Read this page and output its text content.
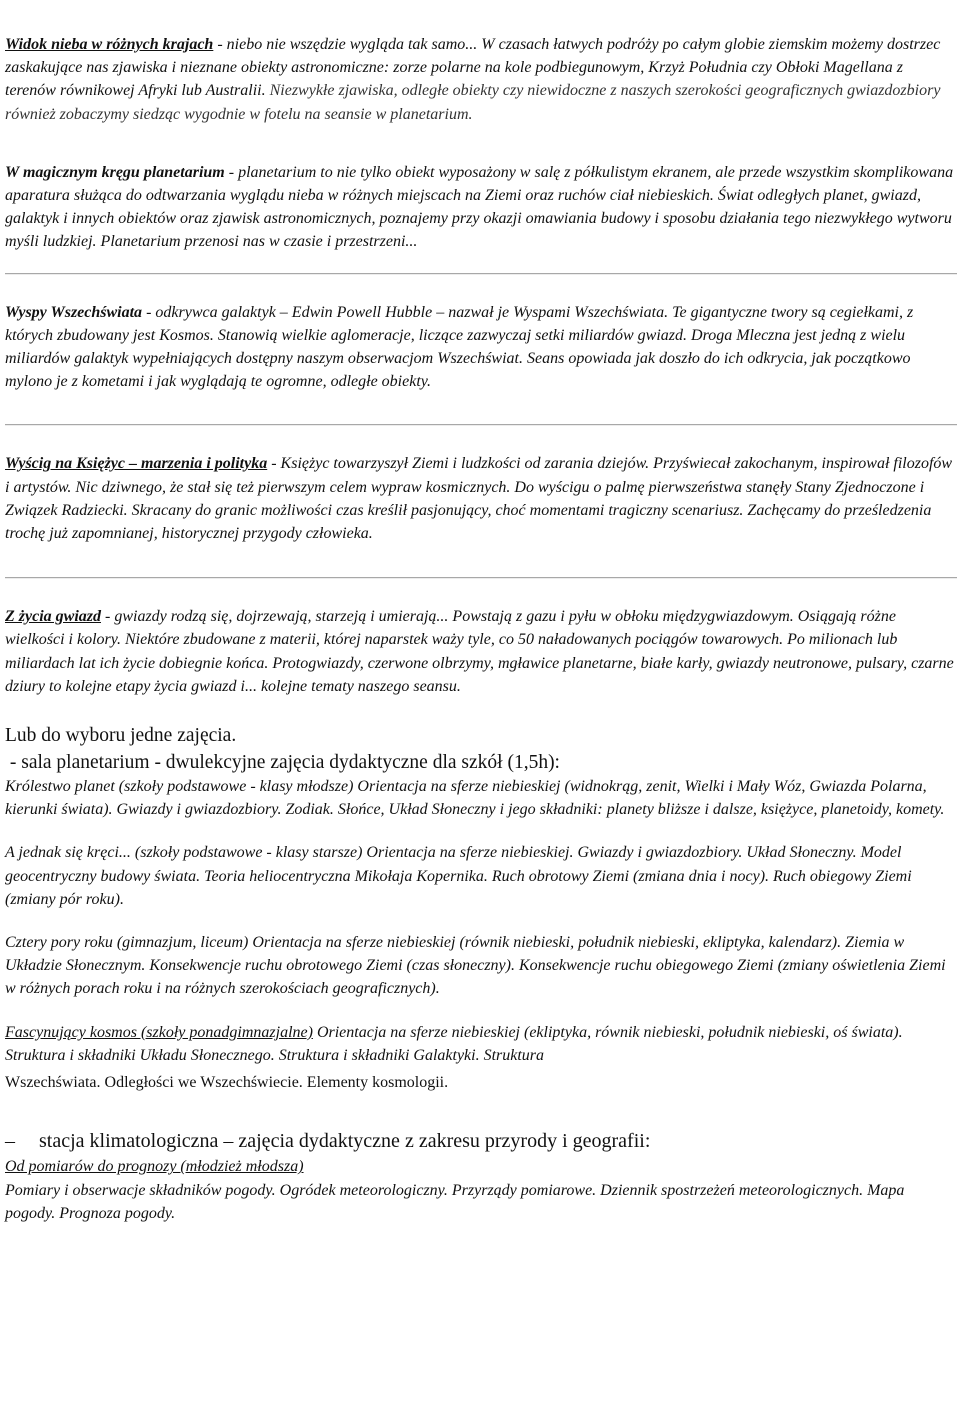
Widok nieba w różnych krajach - niebo nie wszędzie wygląda tak samo... W czasach łatwych podróży po całym globie ziemskim możemy dostrzec zaskakujące nas zjawiska i nieznane obiekty astronomiczne: zorze polarne na kole podbiegunowym, Krzyż Południa czy Obłoki Magellana z terenów równikowej Afryki lub Australii. Niezwykłe zjawiska, odległe obiekty czy niewidoczne z naszych szerokości geograficznych gwiazdozbiory również zobaczymy siedząc wygodnie w fotelu na seansie w planetarium.

W magicznym kręgu planetarium - planetarium to nie tylko obiekt wyposażony w salę z półkulistym ekranem, ale przede wszystkim skomplikowana aparatura służąca do odtwarzania wyglądu nieba w różnych miejscach na Ziemi oraz ruchów ciał niebieskich. Świat odległych planet, gwiazd, galaktyk i innych obiektów oraz zjawisk astronomicznych, poznajemy przy okazji omawiania budowy i sposobu działania tego niezwykłego wytworu myśli ludzkiej. Planetarium przenosi nas w czasie i przestrzeni...

Wyspy Wszechświata - odkrywca galaktyk – Edwin Powell Hubble – nazwał je Wyspami Wszechświata. Te gigantyczne twory są cegiełkami, z których zbudowany jest Kosmos. Stanowią wielkie aglomeracje, liczące zazwyczaj setki miliardów gwiazd. Droga Mleczna jest jedną z wielu miliardów galaktyk wypełniających dostępny naszym obserwacjom Wszechświat. Seans opowiada jak doszło do ich odkrycia, jak początkowo mylono je z kometami i jak wyglądają te ogromne, odległe obiekty.

Wyścig na Księżyc – marzenia i polityka - Księżyc towarzyszył Ziemi i ludzkości od zarania dziejów. Przyświecał zakochanym, inspirował filozofów i artystów. Nic dziwnego, że stał się też pierwszym celem wypraw kosmicznych. Do wyścigu o palmę pierwszeństwa stanęły Stany Zjednoczone i Związek Radziecki. Skracany do granic możliwości czas kreślił pasjonujący, choć momentami tragiczny scenariusz. Zachęcamy do prześledzenia trochę już zapomnianej, historycznej przygody człowieka.

Z życia gwiazd - gwiazdy rodzą się, dojrzewają, starzeją i umierają... Powstają z gazu i pyłu w obłoku międzygwiazdowym. Osiągają różne wielkości i kolory. Niektóre zbudowane z materii, której naparstek waży tyle, co 50 naładowanych pociągów towarowych. Po milionach lub miliardach lat ich życie dobiegnie końca. Protogwiazdy, czerwone olbrzymy, mgławice planetarne, białe karły, gwiazdy neutronowe, pulsary, czarne dziury to kolejne etapy życia gwiazd i... kolejne tematy naszego seansu.

Lub do wyboru jedne zajęcia.

- sala planetarium - dwulekcyjne zajęcia dydaktyczne dla szkół (1,5h):

Królestwo planet (szkoły podstawowe - klasy młodsze) Orientacja na sferze niebieskiej (widnokrąg, zenit, Wielki i Mały Wóz, Gwiazda Polarna, kierunki świata). Gwiazdy i gwiazdozbiory. Zodiak. Słońce, Układ Słoneczny i jego składniki: planety bliższe i dalsze, księżyce, planetoidy, komety.

A jednak się kręci... (szkoły podstawowe - klasy starsze) Orientacja na sferze niebieskiej. Gwiazdy i gwiazdozbiory. Układ Słoneczny. Model geocentryczny budowy świata. Teoria heliocentryczna Mikołaja Kopernika. Ruch obrotowy Ziemi (zmiana dnia i nocy). Ruch obiegowy Ziemi (zmiany pór roku).

Cztery pory roku (gimnazjum, liceum) Orientacja na sferze niebieskiej (równik niebieski, południk niebieski, ekliptyka, kalendarz). Ziemia w Układzie Słonecznym. Konsekwencje ruchu obrotowego Ziemi (czas słoneczny). Konsekwencje ruchu obiegowego Ziemi (zmiany oświetlenia Ziemi w różnych porach roku i na różnych szerokościach geograficznych).

Fascynujący kosmos (szkoły ponadgimnazjalne) Orientacja na sferze niebieskiej (ekliptyka, równik niebieski, południk niebieski, oś świata). Struktura i składniki Układu Słonecznego. Struktura i składniki Galaktyki. Struktura

Wszechświata. Odległości we Wszechświecie. Elementy kosmologii.

– stacja klimatologiczna – zajęcia dydaktyczne z zakresu przyrody i geografii:

Od pomiarów do prognozy (młodzież młodsza)

Pomiary i obserwacje składników pogody. Ogródek meteorologiczny. Przyrządy pomiarowe. Dziennik spostrzeżeń meteorologicznych. Mapa pogody. Prognoza pogody.
